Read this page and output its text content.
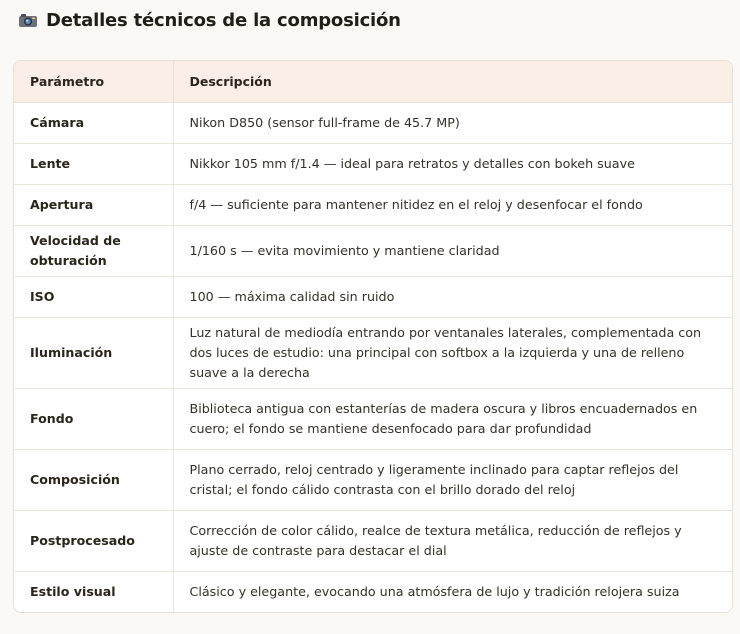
Detalles técnicos de la composición
Parámetro	Descripción
Cámara	Nikon D850 (sensor full-frame de 45.7 MP)
Lente	Nikkor 105 mm f/1.4 — ideal para retratos y detalles con bokeh suave
Apertura	f/4 — suficiente para mantener nitidez en el reloj y desenfocar el fondo
Velocidad de obturación	1/160 s — evita movimiento y mantiene claridad
ISO	100 — máxima calidad sin ruido
Iluminación	Luz natural de mediodía entrando por ventanales laterales, complementada con dos luces de estudio: una principal con softbox a la izquierda y una de relleno suave a la derecha
Fondo	Biblioteca antigua con estanterías de madera oscura y libros encuadernados en cuero; el fondo se mantiene desenfocado para dar profundidad
Composición	Plano cerrado, reloj centrado y ligeramente inclinado para captar reflejos del cristal; el fondo cálido contrasta con el brillo dorado del reloj
Postprocesado	Corrección de color cálido, realce de textura metálica, reducción de reflejos y ajuste de contraste para destacar el dial
Estilo visual	Clásico y elegante, evocando una atmósfera de lujo y tradición relojera suiza
